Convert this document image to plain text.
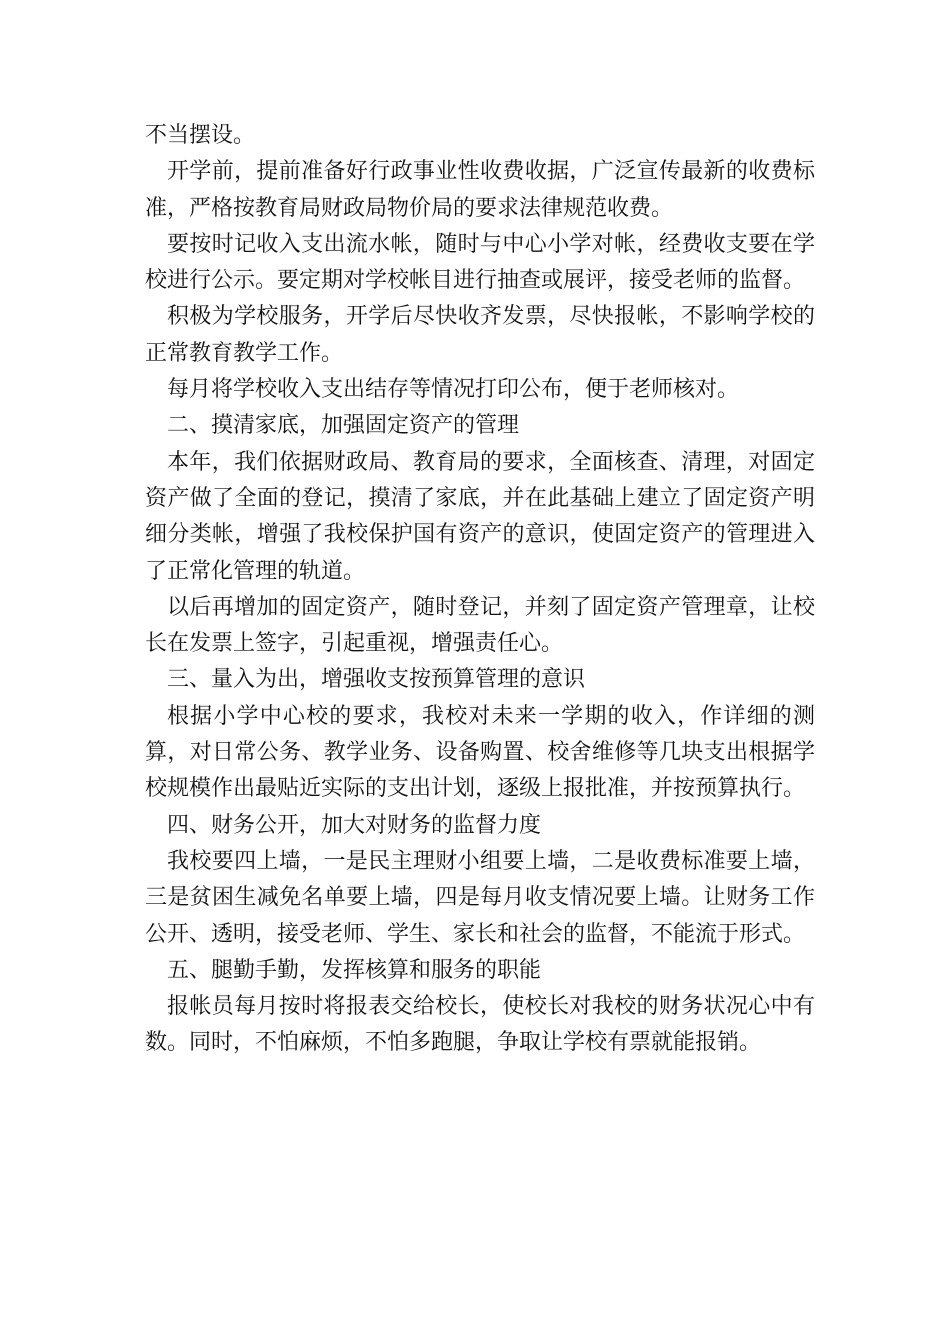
不当摆设。

开学前，提前准备好行政事业性收费收据，广泛宣传最新的收费标准，严格按教育局财政局物价局的要求法律规范收费。

要按时记收入支出流水帐，随时与中心小学对帐，经费收支要在学校进行公示。要定期对学校帐目进行抽查或展评，接受老师的监督。

积极为学校服务，开学后尽快收齐发票，尽快报帐，不影响学校的正常教育教学工作。

每月将学校收入支出结存等情况打印公布，便于老师核对。

二、摸清家底，加强固定资产的管理

本年，我们依据财政局、教育局的要求，全面核查、清理，对固定资产做了全面的登记，摸清了家底，并在此基础上建立了固定资产明细分类帐，增强了我校保护国有资产的意识，使固定资产的管理进入了正常化管理的轨道。

以后再增加的固定资产，随时登记，并刻了固定资产管理章，让校长在发票上签字，引起重视，增强责任心。

三、量入为出，增强收支按预算管理的意识

根据小学中心校的要求，我校对未来一学期的收入，作详细的测算，对日常公务、教学业务、设备购置、校舍维修等几块支出根据学校规模作出最贴近实际的支出计划，逐级上报批准，并按预算执行。

四、财务公开，加大对财务的监督力度

我校要四上墙，一是民主理财小组要上墙，二是收费标准要上墙，三是贫困生减免名单要上墙，四是每月收支情况要上墙。让财务工作公开、透明，接受老师、学生、家长和社会的监督，不能流于形式。

五、腿勤手勤，发挥核算和服务的职能

报帐员每月按时将报表交给校长，使校长对我校的财务状况心中有数。同时，不怕麻烦，不怕多跑腿，争取让学校有票就能报销。
